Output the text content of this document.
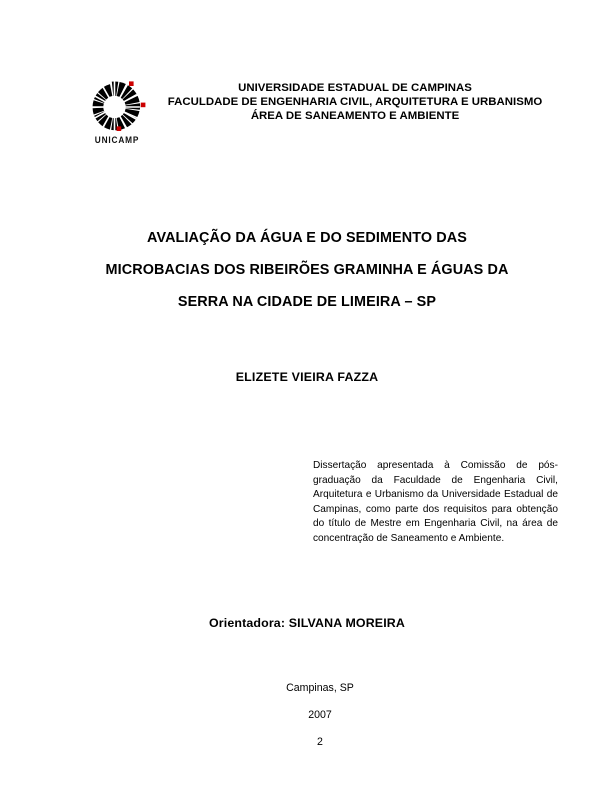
UNICAMP
UNIVERSIDADE ESTADUAL DE CAMPINAS
FACULDADE DE ENGENHARIA CIVIL, ARQUITETURA E URBANISMO
ÁREA DE SANEAMENTO E AMBIENTE
AVALIAÇÃO DA ÁGUA E DO SEDIMENTO DAS
MICROBACIAS DOS RIBEIRÕES GRAMINHA E ÁGUAS DA
SERRA NA CIDADE DE LIMEIRA – SP
ELIZETE VIEIRA FAZZA
Dissertação apresentada à Comissão de pós-graduação da Faculdade de Engenharia Civil, Arquitetura e Urbanismo da Universidade Estadual de Campinas, como parte dos requisitos para obtenção do título de Mestre em Engenharia Civil, na área de concentração de Saneamento e Ambiente.
Orientadora: SILVANA MOREIRA
Campinas, SP
2007
2
